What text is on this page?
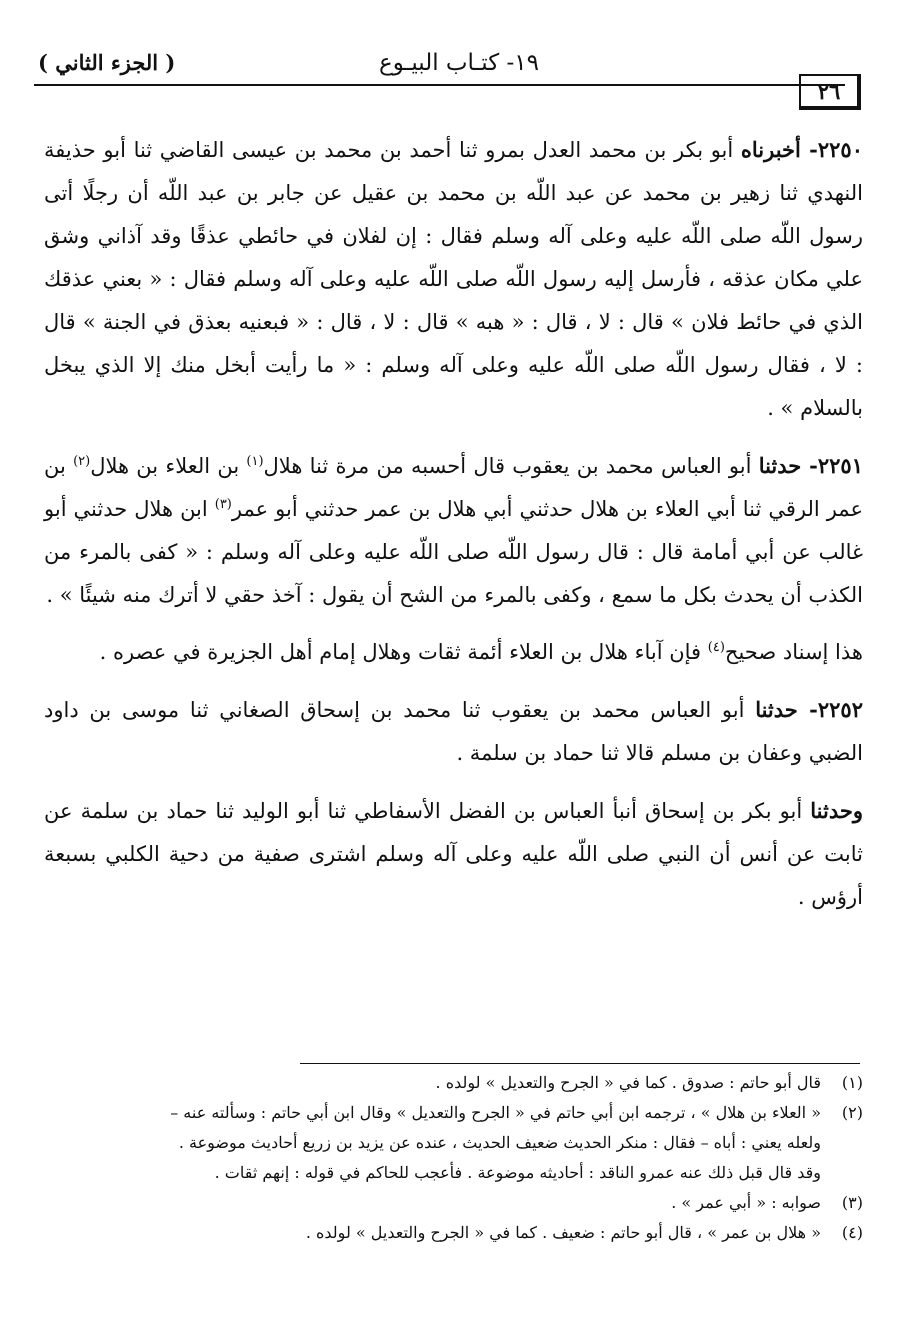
٢٦
١٩- كتـاب البيـوع
( الجزء الثاني )

٢٢٥٠- أخبرناه أبو بكر بن محمد العدل بمرو ثنا أحمد بن محمد بن عيسى القاضي ثنا أبو حذيفة النهدي ثنا زهير بن محمد عن عبد اللّه بن محمد بن عقيل عن جابر بن عبد اللّه أن رجلًا أتى رسول اللّه صلى اللّه عليه وعلى آله وسلم فقال : إن لفلان في حائطي عذقًا وقد آذاني وشق علي مكان عذقه ، فأرسل إليه رسول اللّه صلى اللّه عليه وعلى آله وسلم فقال : « بعني عذقك الذي في حائط فلان » قال : لا ، قال : « هبه » قال : لا ، قال : « فبعنيه بعذق في الجنة » قال : لا ، فقال رسول اللّه صلى اللّه عليه وعلى آله وسلم : « ما رأيت أبخل منك إلا الذي يبخل بالسلام » .

٢٢٥١- حدثنا أبو العباس محمد بن يعقوب قال أحسبه من مرة ثنا هلال$^{(١)}$ بن العلاء بن هلال$^{(٢)}$ بن عمر الرقي ثنا أبي العلاء بن هلال حدثني أبي هلال بن عمر حدثني أبو عمر$^{(٣)}$ ابن هلال حدثني أبو غالب عن أبي أمامة قال : قال رسول اللّه صلى اللّه عليه وعلى آله وسلم : « كفى بالمرء من الكذب أن يحدث بكل ما سمع ، وكفى بالمرء من الشح أن يقول : آخذ حقي لا أترك منه شيئًا » .

هذا إسناد صحيح$^{(٤)}$ فإن آباء هلال بن العلاء أئمة ثقات وهلال إمام أهل الجزيرة في عصره .

٢٢٥٢- حدثنا أبو العباس محمد بن يعقوب ثنا محمد بن إسحاق الصغاني ثنا موسى بن داود الضبي وعفان بن مسلم قالا ثنا حماد بن سلمة .

وحدثنا أبو بكر بن إسحاق أنبأ العباس بن الفضل الأسفاطي ثنا أبو الوليد ثنا حماد بن سلمة عن ثابت عن أنس أن النبي صلى اللّه عليه وعلى آله وسلم اشترى صفية من دحية الكلبي بسبعة أرؤس .

(١)
قال أبو حاتم : صدوق . كما في « الجرح والتعديل » لولده .
(٢)
« العلاء بن هلال » ، ترجمه ابن أبي حاتم في « الجرح والتعديل » وقال ابن أبي حاتم : وسألته عنه –
ولعله يعني : أباه – فقال : منكر الحديث ضعيف الحديث ، عنده عن يزيد بن زريع أحاديث موضوعة .
وقد قال قبل ذلك عنه عمرو الناقد : أحاديثه موضوعة . فأعجب للحاكم في قوله : إنهم ثقات .
(٣)
صوابه : « أبي عمر » .
(٤)
« هلال بن عمر » ، قال أبو حاتم : ضعيف . كما في « الجرح والتعديل » لولده .
